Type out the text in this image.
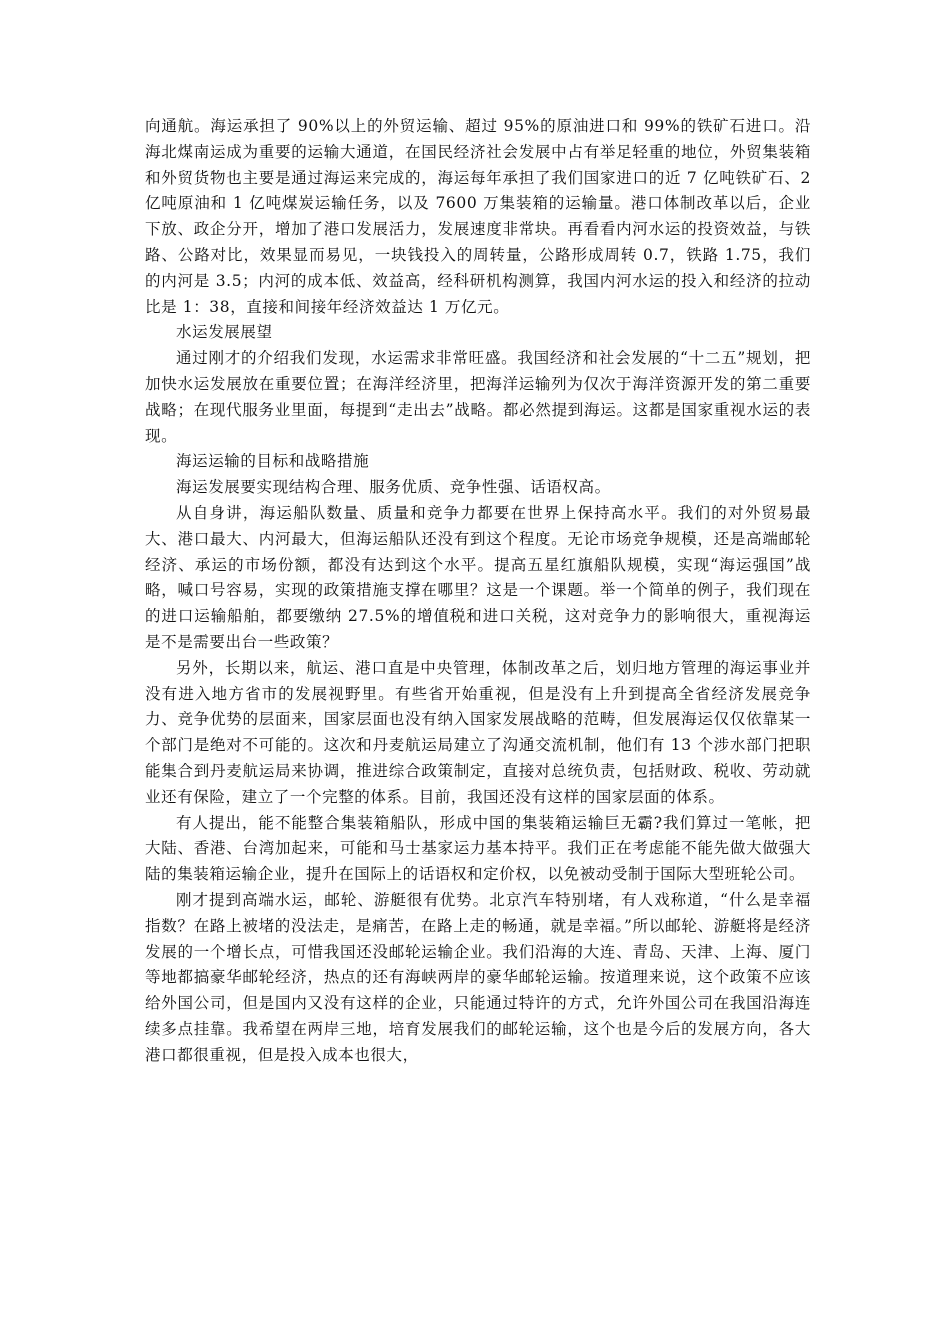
向通航。海运承担了 90%以上的外贸运输、超过 95%的原油进口和 99%的铁矿石进口。沿海北煤南运成为重要的运输大通道，在国民经济社会发展中占有举足轻重的地位，外贸集装箱和外贸货物也主要是通过海运来完成的，海运每年承担了我们国家进口的近 7 亿吨铁矿石、2 亿吨原油和 1 亿吨煤炭运输任务，以及 7600 万集装箱的运输量。港口体制改革以后，企业下放、政企分开，增加了港口发展活力，发展速度非常块。再看看内河水运的投资效益，与铁路、公路对比，效果显而易见，一块钱投入的周转量，公路形成周转 0.7，铁路 1.75，我们的内河是 3.5；内河的成本低、效益高，经科研机构测算，我国内河水运的投入和经济的拉动比是 1：38，直接和间接年经济效益达 1 万亿元。

水运发展展望

通过刚才的介绍我们发现，水运需求非常旺盛。我国经济和社会发展的“十二五”规划，把加快水运发展放在重要位置；在海洋经济里，把海洋运输列为仅次于海洋资源开发的第二重要战略；在现代服务业里面，每提到“走出去”战略。都必然提到海运。这都是国家重视水运的表现。

海运运输的目标和战略措施

海运发展要实现结构合理、服务优质、竞争性强、话语权高。

从自身讲，海运船队数量、质量和竞争力都要在世界上保持高水平。我们的对外贸易最大、港口最大、内河最大，但海运船队还没有到这个程度。无论市场竞争规模，还是高端邮轮经济、承运的市场份额，都没有达到这个水平。提高五星红旗船队规模，实现“海运强国”战略，喊口号容易，实现的政策措施支撑在哪里？这是一个课题。举一个简单的例子，我们现在的进口运输船舶，都要缴纳 27.5%的增值税和进口关税，这对竞争力的影响很大，重视海运是不是需要出台一些政策？

另外，长期以来，航运、港口直是中央管理，体制改革之后，划归地方管理的海运事业并没有进入地方省市的发展视野里。有些省开始重视，但是没有上升到提高全省经济发展竞争力、竞争优势的层面来，国家层面也没有纳入国家发展战略的范畴，但发展海运仅仅依靠某一个部门是绝对不可能的。这次和丹麦航运局建立了沟通交流机制，他们有 13 个涉水部门把职能集合到丹麦航运局来协调，推进综合政策制定，直接对总统负责，包括财政、税收、劳动就业还有保险，建立了一个完整的体系。目前，我国还没有这样的国家层面的体系。

有人提出，能不能整合集装箱船队，形成中国的集装箱运输巨无霸?我们算过一笔帐，把大陆、香港、台湾加起来，可能和马士基家运力基本持平。我们正在考虑能不能先做大做强大陆的集装箱运输企业，提升在国际上的话语权和定价权，以免被动受制于国际大型班轮公司。

刚才提到高端水运，邮轮、游艇很有优势。北京汽车特别堵，有人戏称道，“什么是幸福指数？在路上被堵的没法走，是痛苦，在路上走的畅通，就是幸福。”所以邮轮、游艇将是经济发展的一个增长点，可惜我国还没邮轮运输企业。我们沿海的大连、青岛、天津、上海、厦门等地都搞豪华邮轮经济，热点的还有海峡两岸的豪华邮轮运输。按道理来说，这个政策不应该给外国公司，但是国内又没有这样的企业，只能通过特许的方式，允许外国公司在我国沿海连续多点挂靠。我希望在两岸三地，培育发展我们的邮轮运输，这个也是今后的发展方向，各大港口都很重视，但是投入成本也很大，
